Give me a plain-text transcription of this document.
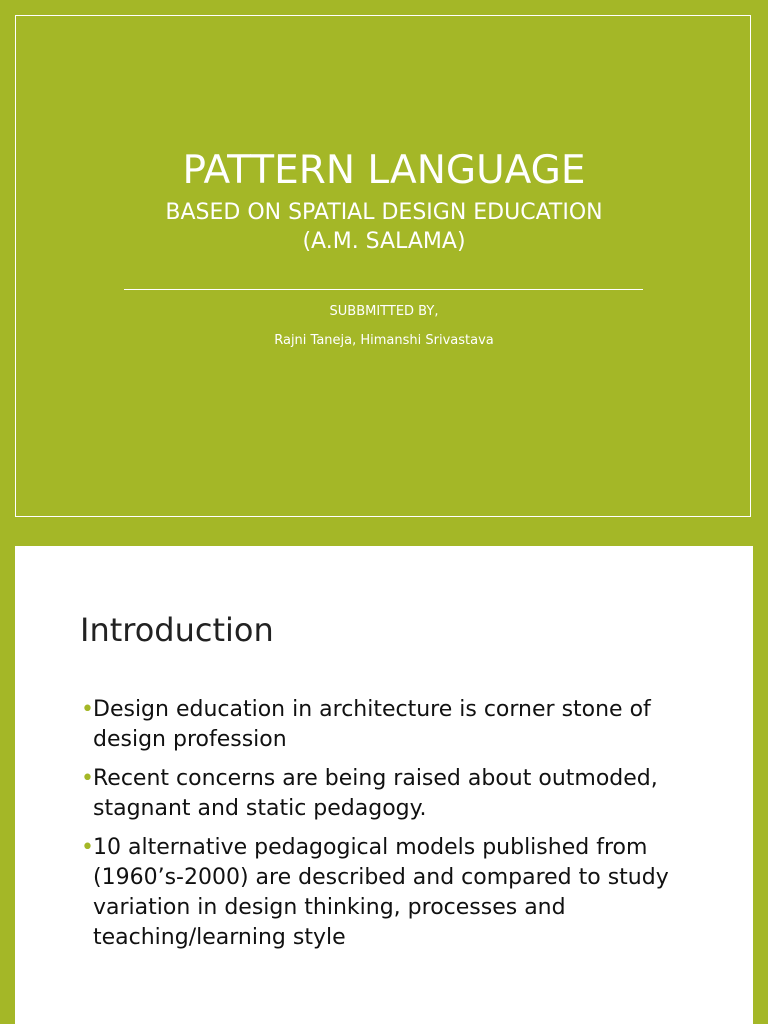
PATTERN LANGUAGE
BASED ON SPATIAL DESIGN EDUCATION
(A.M. SALAMA)
SUBBMITTED BY,
Rajni Taneja, Himanshi Srivastava
Introduction
• Design education in architecture is corner stone of design profession
• Recent concerns are being raised about outmoded, stagnant and static pedagogy.
• 10 alternative pedagogical models published from (1960’s-2000) are described and compared to study variation in design thinking, processes and teaching/learning style
